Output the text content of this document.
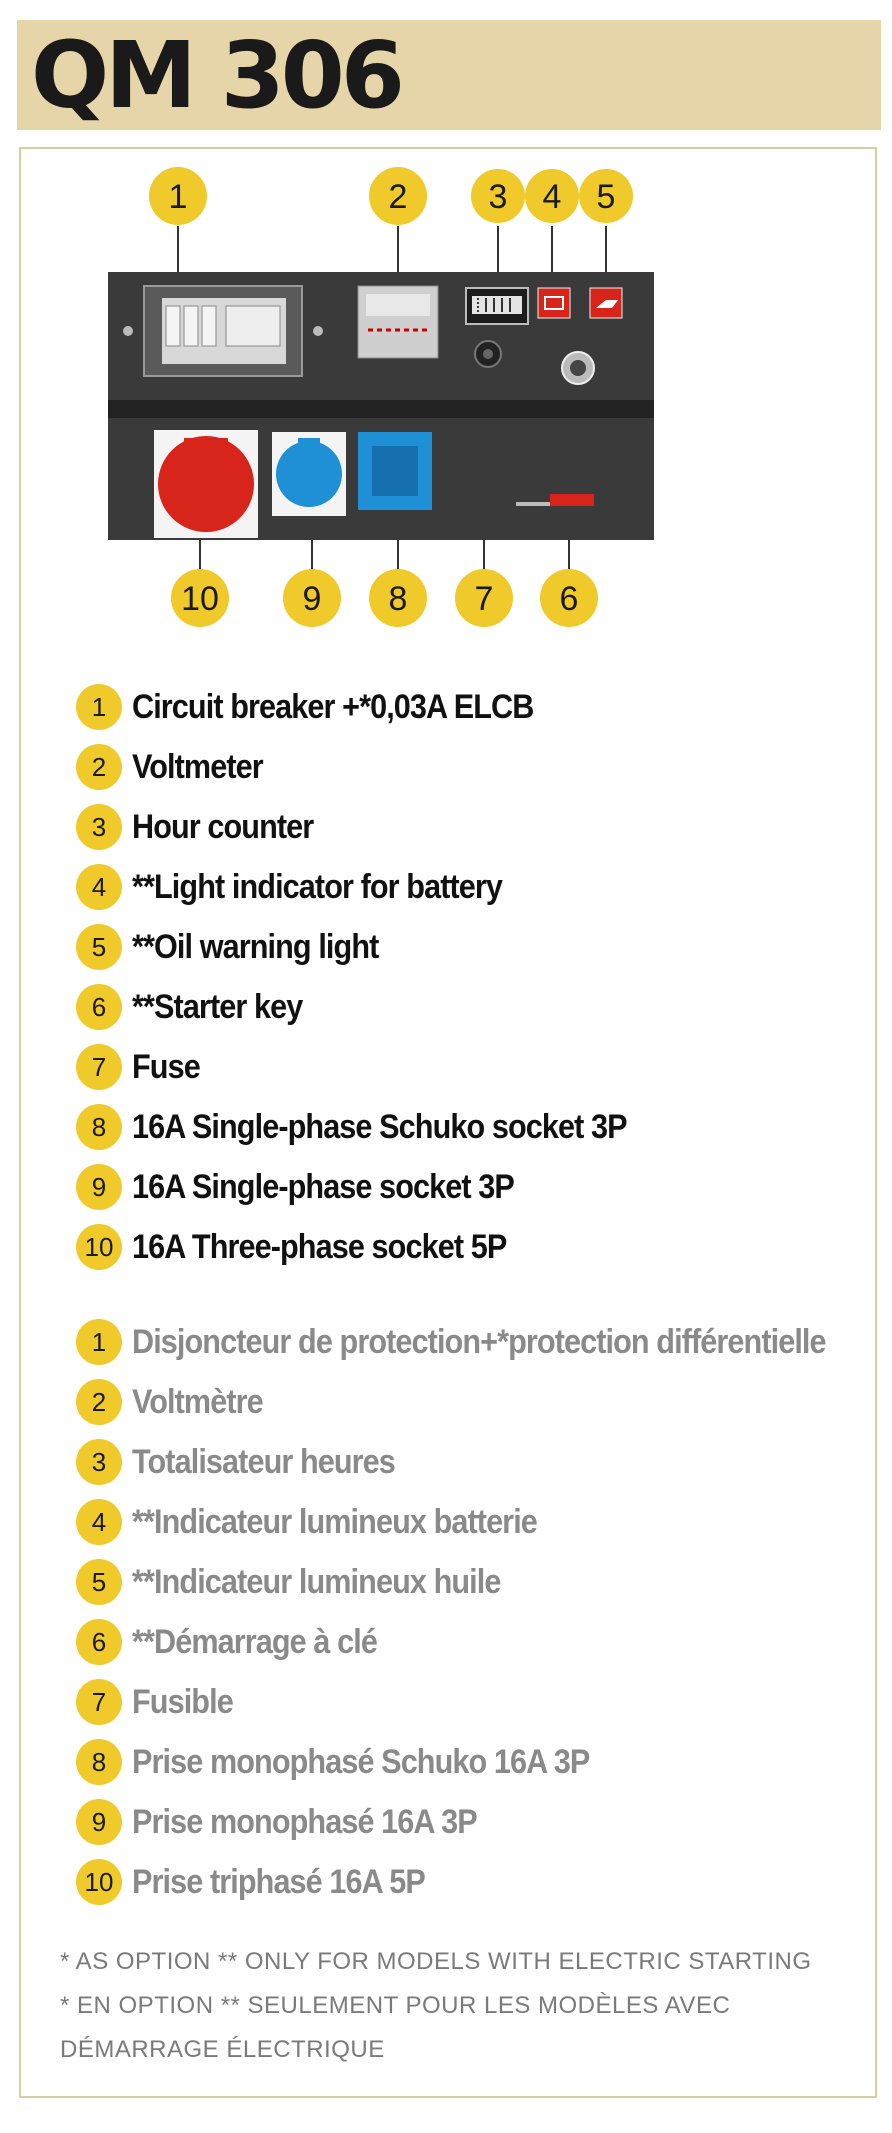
QM 306
1	2 3 4 5
10 9 8 7 6
1 Circuit breaker +*0,03A ELCB
2 Voltmeter
3 Hour counter
4 **Light indicator for battery
5 **Oil warning light
6 **Starter key
7 Fuse
8 16A Single-phase Schuko socket 3P
9 16A Single-phase socket 3P
10 16A Three-phase socket 5P
1 Disjoncteur de protection+*protection différentielle
2 Voltmètre
3 Totalisateur heures
4 **Indicateur lumineux batterie
5 **Indicateur lumineux huile
6 **Démarrage à clé
7 Fusible
8 Prise monophasé Schuko 16A 3P
9 Prise monophasé 16A 3P
10 Prise triphasé 16A 5P
* AS OPTION ** ONLY FOR MODELS WITH ELECTRIC STARTING
* EN OPTION ** SEULEMENT POUR LES MODÈLES AVEC
DÉMARRAGE ÉLECTRIQUE
